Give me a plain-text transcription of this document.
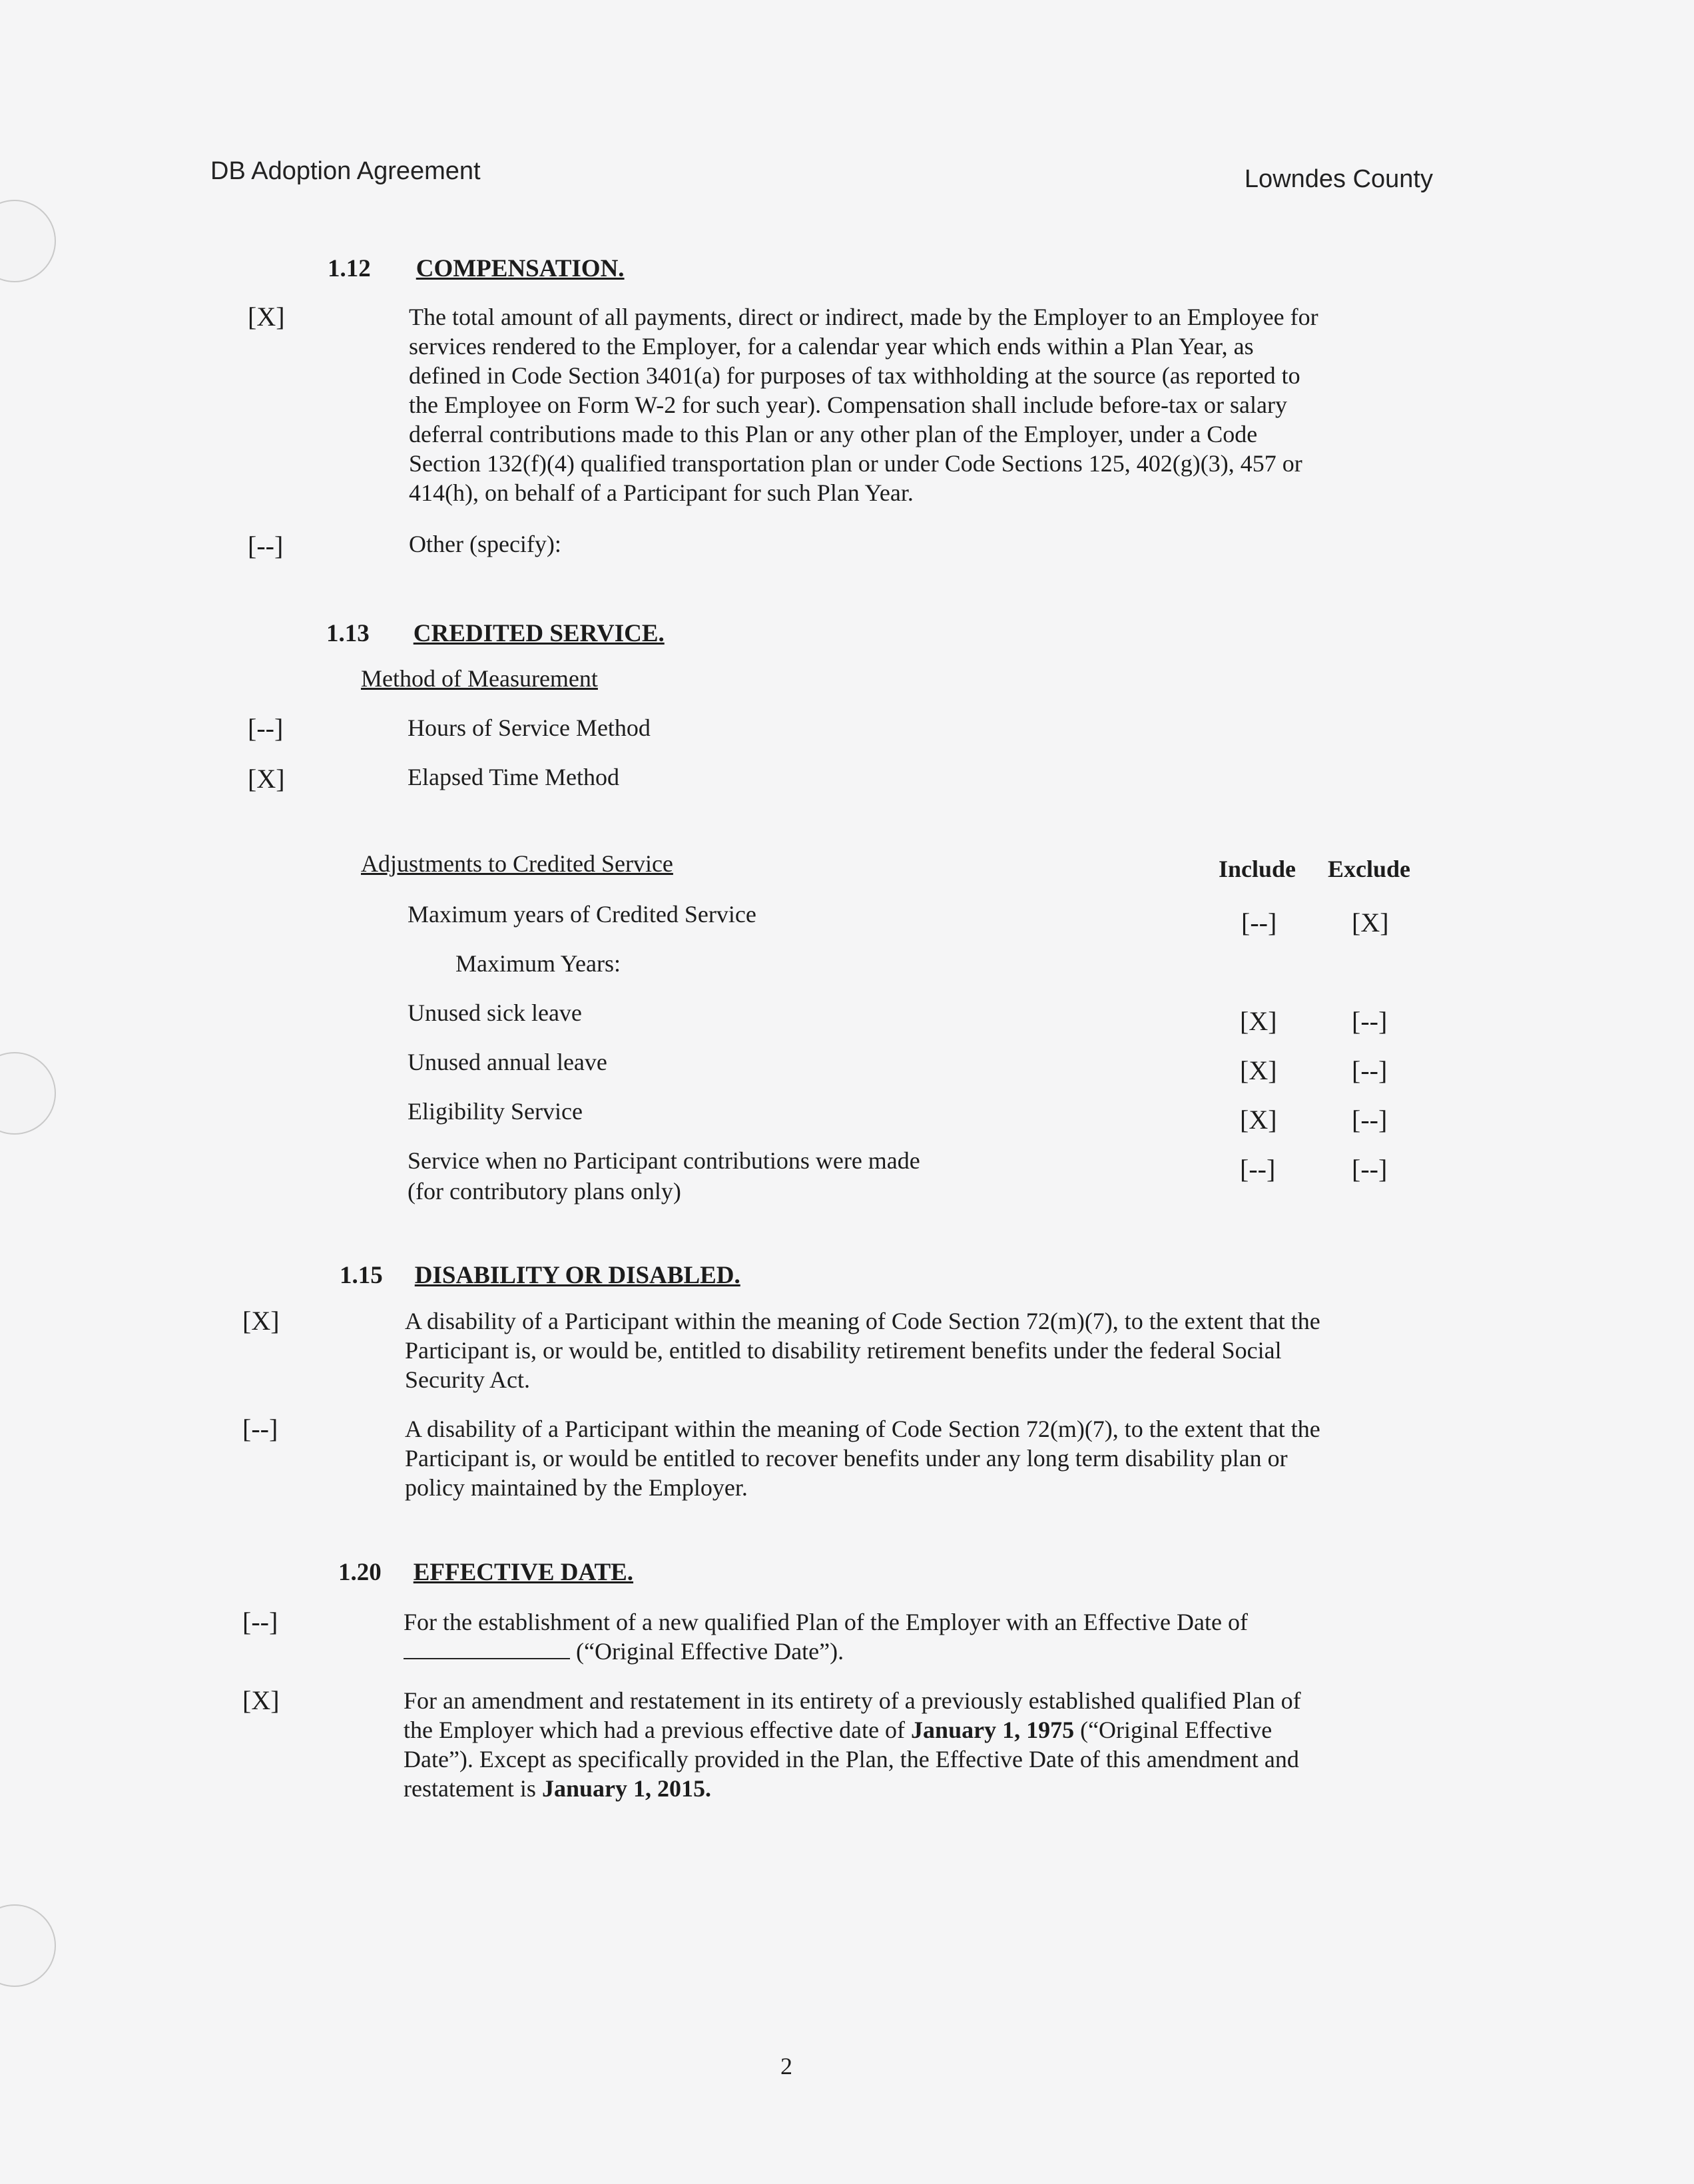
DB Adoption Agreement	Lowndes County
1.12 COMPENSATION.
[X]	The total amount of all payments, direct or indirect, made by the Employer to an Employee for
services rendered to the Employer, for a calendar year which ends within a Plan Year, as
defined in Code Section 3401(a) for purposes of tax withholding at the source (as reported to
the Employee on Form W-2 for such year). Compensation shall include before-tax or salary
deferral contributions made to this Plan or any other plan of the Employer, under a Code
Section 132(f)(4) qualified transportation plan or under Code Sections 125, 402(g)(3), 457 or
414(h), on behalf of a Participant for such Plan Year.
[--]	Other (specify):
1.13 CREDITED SERVICE.
Method of Measurement
[--]	Hours of Service Method
[X]	Elapsed Time Method
Adjustments to Credited Service	Include Exclude
Maximum years of Credited Service	[--]	[X]
Maximum Years:
Unused sick leave	[X]	[--]
Unused annual leave	[X]	[--]
Eligibility Service	[X]	[--]
Service when no Participant contributions were made
(for contributory plans only)
[--]	[--]
1.15 DISABILITY OR DISABLED.
[X]	A disability of a Participant within the meaning of Code Section 72(m)(7), to the extent that the
Participant is, or would be, entitled to disability retirement benefits under the federal Social
Security Act.
[--]	A disability of a Participant within the meaning of Code Section 72(m)(7), to the extent that the
Participant is, or would be entitled to recover benefits under any long term disability plan or
policy maintained by the Employer.
1.20 EFFECTIVE DATE.
[--]	For the establishment of a new qualified Plan of the Employer with an Effective Date of
(“Original Effective Date”).
[X]	For an amendment and restatement in its entirety of a previously established qualified Plan of
the Employer which had a previous effective date of January 1, 1975 (“Original Effective
Date”). Except as specifically provided in the Plan, the Effective Date of this amendment and
restatement is January 1, 2015.
2
